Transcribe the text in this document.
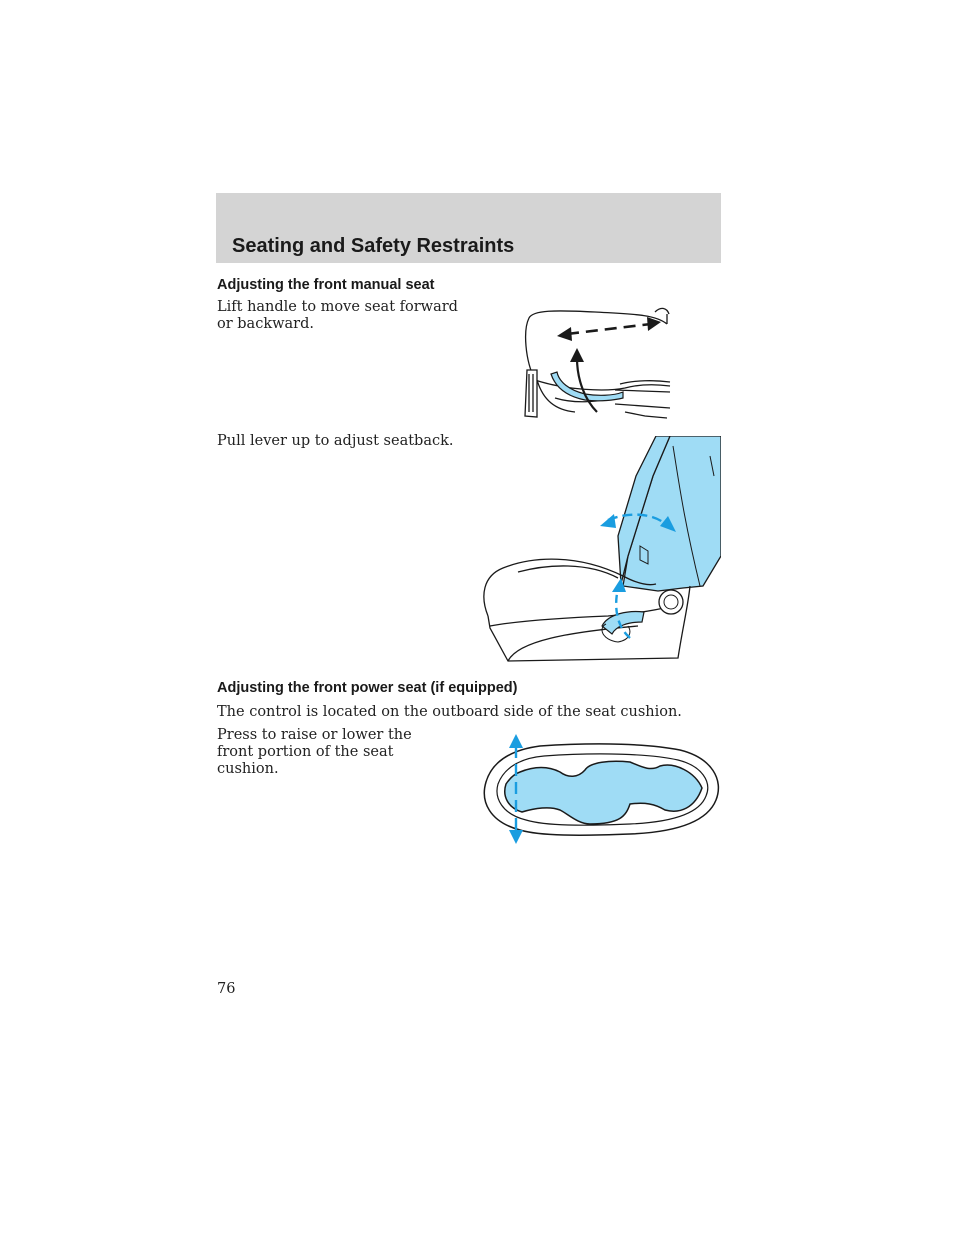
Seating and Safety Restraints
Adjusting the front manual seat

Lift handle to move seat forward or backward.

Pull lever up to adjust seatback.

Adjusting the front power seat (if equipped)

The control is located on the outboard side of the seat cushion.

Press to raise or lower the front portion of the seat cushion.

76
